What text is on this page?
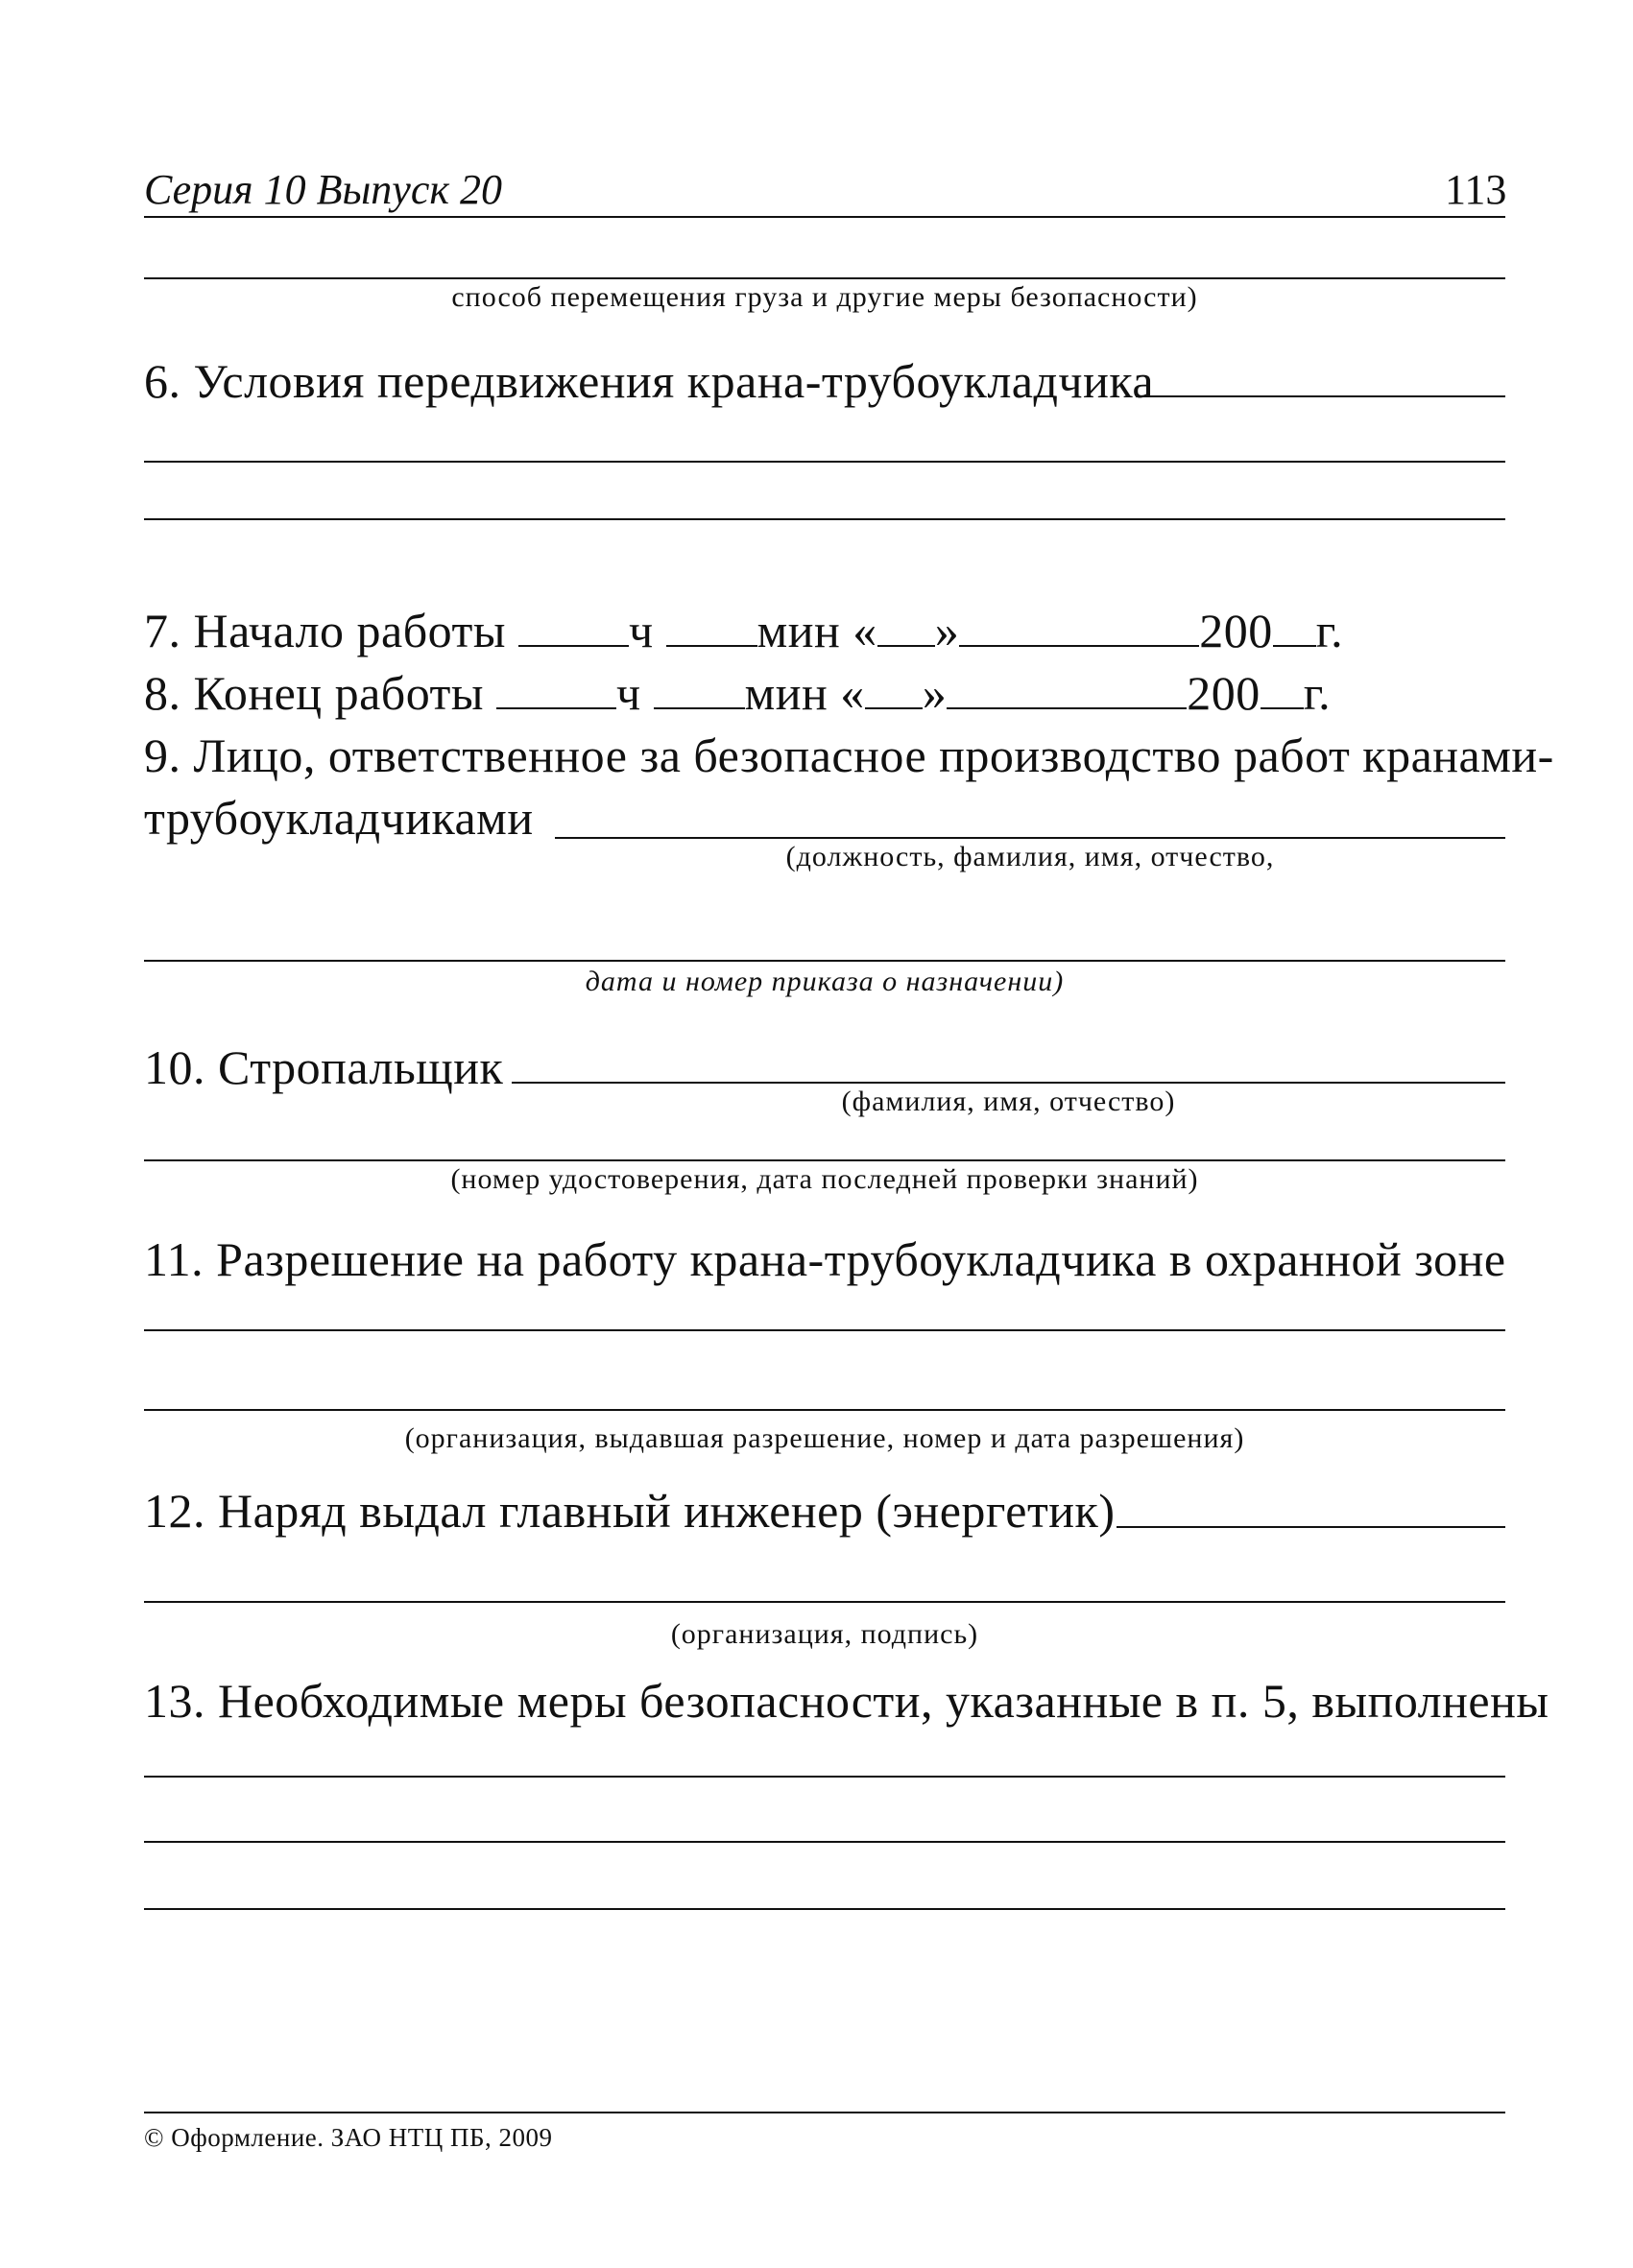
Серия 10 Выпуск 20	113
способ перемещения груза и другие меры безопасности)
6. Условия передвижения крана-трубоукладчика
7. Начало работы	ч мин « »	200 г.
8. Конец работы	ч мин « »	200 г.
9. Лицо, ответственное за безопасное производство работ кранами-
трубоукладчиками
(должность, фамилия, имя, отчество,
дата и номер приказа о назначении)
10. Стропальщик
(фамилия, имя, отчество)
(номер удостоверения, дата последней проверки знаний)
11. Разрешение на работу крана-трубоукладчика в охранной зоне
(организация, выдавшая разрешение, номер и дата разрешения)
12. Наряд выдал главный инженер (энергетик)
(организация, подпись)
13. Необходимые меры безопасности, указанные в п. 5, выполнены
© Оформление. ЗАО НТЦ ПБ, 2009
